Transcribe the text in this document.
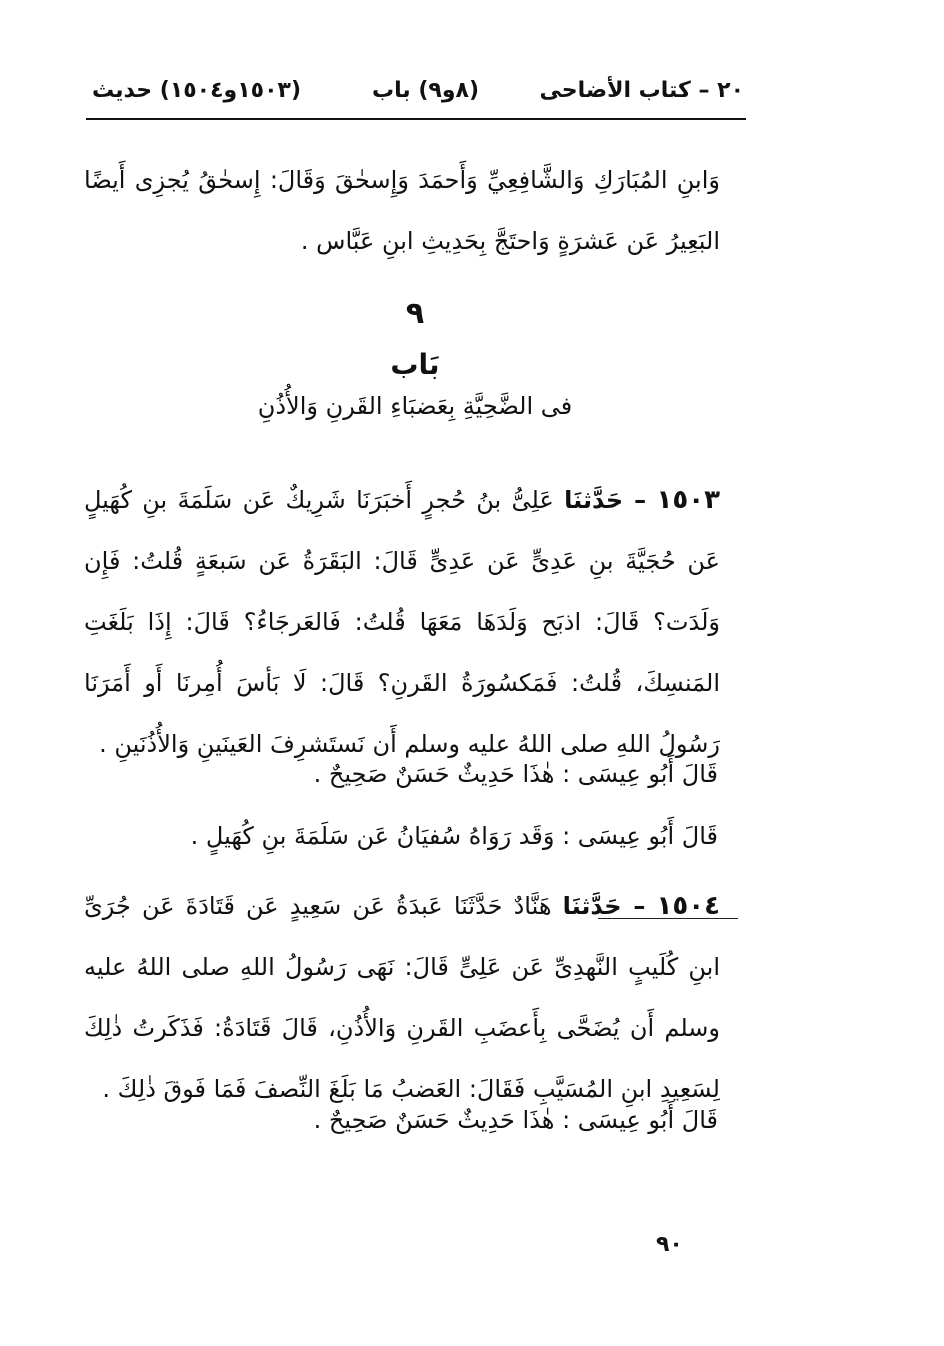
٢٠ – كتاب الأضاحى
(٨و٩) باب
(١٥٠٣و١٥٠٤) حديث
وَابنِ المُبَارَكِ وَالشَّافِعِيِّ وَأَحمَدَ وَإِسحٰقَ وَقَالَ: إِسحٰقُ يُجزِى أَيضًا البَعِيرُ عَن عَشرَةٍ وَاحتَجَّ بِحَدِيثِ ابنِ عَبَّاس .
٩
بَاب
فى الضَّحِيَّةِ بِعَضبَاءِ القَرنِ وَالأُذُنِ
١٥٠٣ – حَدَّثنَا عَلِىُّ بنُ حُجرٍ أَخبَرَنَا شَرِيكٌ عَن سَلَمَةَ بنِ كُهَيلٍ عَن حُجَيَّةَ بنِ عَدِىٍّ عَن عَدِىٍّ قَالَ: البَقَرَةُ عَن سَبعَةٍ قُلتُ: فَإِن وَلَدَت؟ قَالَ: اذبَح وَلَدَهَا مَعَهَا قُلتُ: فَالعَرجَاءُ؟ قَالَ: إِذَا بَلَغَتِ المَنسِكَ، قُلتُ: فَمَكسُورَةُ القَرنِ؟ قَالَ: لَا بَأسَ أُمِرنَا أَو أَمَرَنَا رَسُولُ اللهِ صلى اللهُ عليه وسلم أَن نَستَشرِفَ العَينَينِ وَالأُذُنَينِ .
قَالَ أَبُو عِيسَى : هٰذَا حَدِيثٌ حَسَنٌ صَحِيحٌ .
قَالَ أَبُو عِيسَى : وَقَد رَوَاهُ سُفيَانُ عَن سَلَمَةَ بنِ كُهَيلٍ .
١٥٠٤ – حَدَّثنَا هَنَّادٌ حَدَّثَنَا عَبدَةُ عَن سَعِيدٍ عَن قَتَادَةَ عَن جُرَىِّ ابنِ كُلَيبٍ النَّهدِىِّ عَن عَلِىٍّ قَالَ: نَهَى رَسُولُ اللهِ صلى اللهُ عليه وسلم أَن يُضَحَّى بِأَعضَبِ القَرنِ وَالأُذُنِ، قَالَ قَتَادَةُ: فَذَكَرتُ ذٰلِكَ لِسَعِيدِ ابنِ المُسَيَّبِ فَقَالَ: العَضبُ مَا بَلَغَ النِّصفَ فَمَا فَوقَ ذٰلِكَ .
قَالَ أَبُو عِيسَى : هٰذَا حَدِيثٌ حَسَنٌ صَحِيحٌ .
٩٠
